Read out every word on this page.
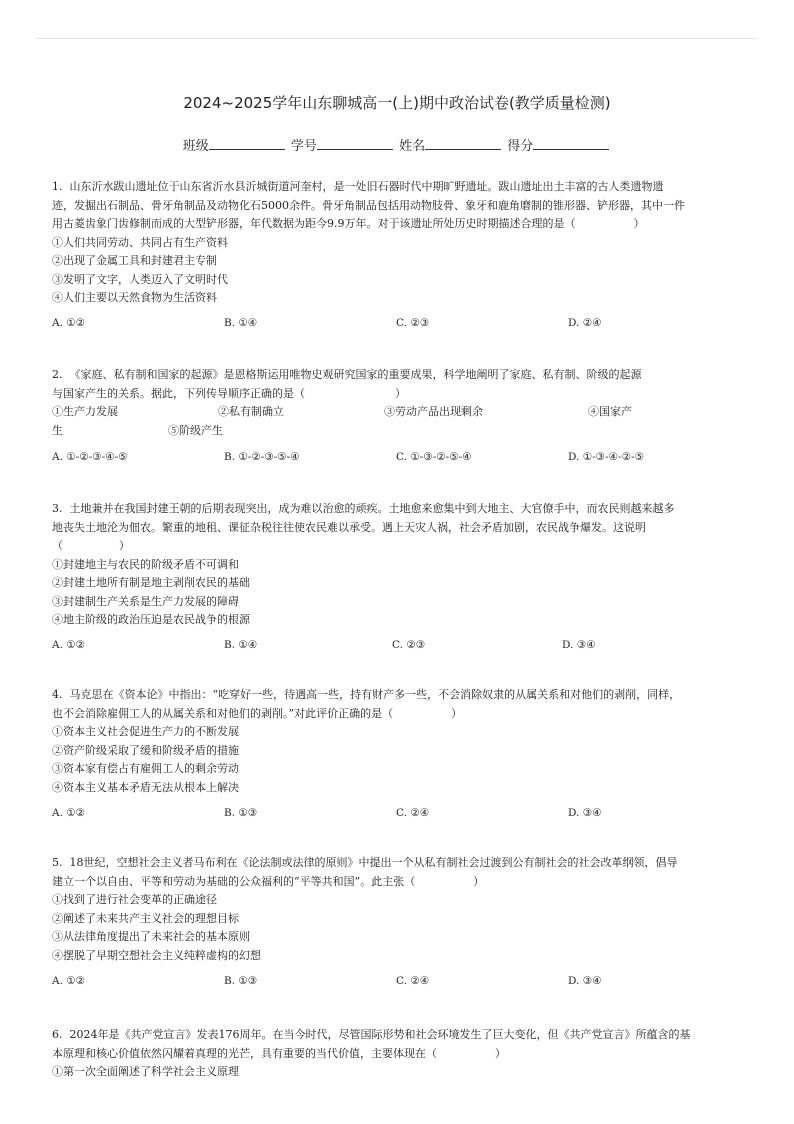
2024~2025学年山东聊城高一(上)期中政治试卷(教学质量检测)
班级	学号	姓名	得分

1. 山东沂水跋山遗址位于山东省沂水县沂城街道河奎村，是一处旧石器时代中期旷野遗址。跋山遗址出土丰富的古人类遗物遗
迹，发掘出石制品、骨牙角制品及动物化石5000余件。骨牙角制品包括用动物肢骨、象牙和鹿角磨制的锥形器、铲形器，其中一件
用古菱齿象门齿修制而成的大型铲形器，年代数据为距今9.9万年。对于该遗址所处历史时期描述合理的是（	）

①人们共同劳动、共同占有生产资料
②出现了金属工具和封建君主专制
③发明了文字，人类迈入了文明时代
④人们主要以天然食物为生活资料
A. ①②	B. ①④	C. ②③	D. ②④

2. 《家庭、私有制和国家的起源》是恩格斯运用唯物史观研究国家的重要成果，科学地阐明了家庭、私有制、阶级的起源
与国家产生的关系。据此，下列传导顺序正确的是（	）

①生产力发展	②私有制确立	③劳动产品出现剩余	④国家产
生	⑤阶级产生
A. ①-②-③-④-⑤	B. ①-②-③-⑤-④	C. ①-③-②-⑤-④	D. ①-③-④-②-⑤

3. 土地兼并在我国封建王朝的后期表现突出，成为难以治愈的顽疾。土地愈来愈集中到大地主、大官僚手中，而农民则越来越多
地丧失土地沦为佃农。繁重的地租、课征杂税往往使农民难以承受。遇上天灾人祸，社会矛盾加剧，农民战争爆发。这说明
（	）

①封建地主与农民的阶级矛盾不可调和
②封建土地所有制是地主剥削农民的基础
③封建制生产关系是生产力发展的障碍
④地主阶级的政治压迫是农民战争的根源
A. ①②	B. ①④	C. ②③	D. ③④

4. 马克思在《资本论》中指出：“吃穿好一些，待遇高一些，持有财产多一些，不会消除奴隶的从属关系和对他们的剥削，同样，
也不会消除雇佣工人的从属关系和对他们的剥削。”对此评价正确的是（	）

①资本主义社会促进生产力的不断发展
②资产阶级采取了缓和阶级矛盾的措施
③资本家有偿占有雇佣工人的剩余劳动
④资本主义基本矛盾无法从根本上解决
A. ①②	B. ①③	C. ②④	D. ③④

5. 18世纪，空想社会主义者马布利在《论法制或法律的原则》中提出一个从私有制社会过渡到公有制社会的社会改革纲领，倡导
建立一个以自由、平等和劳动为基础的公众福利的“平等共和国”。此主张（	）

①找到了进行社会变革的正确途径
②阐述了未来共产主义社会的理想目标
③从法律角度提出了未来社会的基本原则
④摆脱了早期空想社会主义纯粹虚构的幻想
A. ①②	B. ①③	C. ②④	D. ③④

6. 2024年是《共产党宣言》发表176周年。在当今时代，尽管国际形势和社会环境发生了巨大变化，但《共产党宣言》所蕴含的基
本原理和核心价值依然闪耀着真理的光芒，具有重要的当代价值，主要体现在（	）

①第一次全面阐述了科学社会主义原理
